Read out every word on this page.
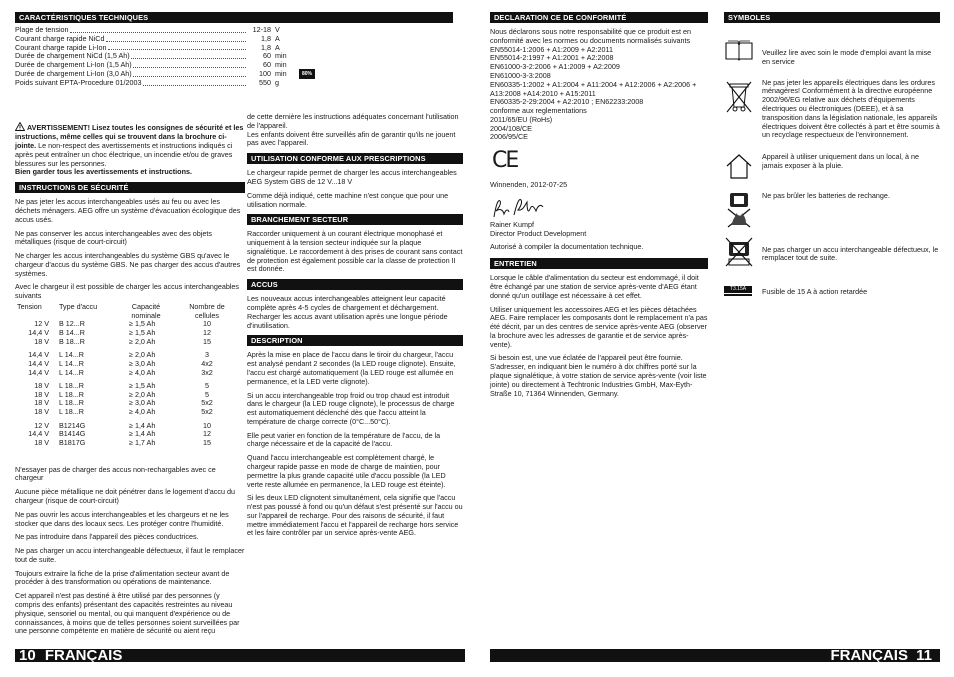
CARACTÉRISTIQUES TECHNIQUES
Plage de tension	12-18 V
Courant charge rapide NiCd	1,8 A
Courant charge rapide Li-Ion	1,8 A
Durée de chargement NiCd (1,5 Ah)	60 min
Durée de chargement Li-Ion (1,5 Ah)	60 min
Durée de chargement Li-Ion (3,0 Ah)	100 min	80%
Poids suivant EPTA-Procedure 01/2003	550 g

AVERTISSEMENT! Lisez toutes les consignes de sécurité et les instructions, même celles qui se trouvent dans la brochure ci-jointe. Le non-respect des avertissements et instructions indiqués ci après peut entraîner un choc électrique, un incendie et/ou de graves blessures sur les personnes.
Bien garder tous les avertissements et instructions.

INSTRUCTIONS DE SÉCURITÉ

Ne pas jeter les accus interchangeables usés au feu ou avec les déchets ménagers. AEG offre un système d'évacuation écologique des accus usés.

Ne pas conserver les accus interchangeables avec des objets métalliques (risque de court-circuit)

Ne charger les accus interchangeables du système GBS qu'avec le chargeur d'accus du système GBS. Ne pas charger des accus d'autres systèmes.

Avec le chargeur il est possible de charger les accus interchangeables suivants

Tension	Type d'accu	Capacité nominale	Nombre de cellules
12 V	B 12...R	≥ 1,5 Ah	10
14,4 V	B 14...R	≥ 1,5 Ah	12
18 V	B 18...R	≥ 2,0 Ah	15
14,4 V	L 14...R	≥ 2,0 Ah	3
14,4 V	L 14...R	≥ 3,0 Ah	4x2
14,4 V	L 14...R	≥ 4,0 Ah	3x2
18 V	L 18...R	≥ 1,5 Ah	5
18 V	L 18...R	≥ 2,0 Ah	5
18 V	L 18...R	≥ 3,0 Ah	5x2
18 V	L 18...R	≥ 4,0 Ah	5x2
12 V	B1214G	≥ 1,4 Ah	10
14,4 V	B1414G	≥ 1,4 Ah	12
18 V	B1817G	≥ 1,7 Ah	15

N'essayer pas de charger des accus non-rechargables avec ce chargeur

Aucune pièce métallique ne doit pénétrer dans le logement d'accu du chargeur (risque de court-circuit)

Ne pas ouvrir les accus interchangeables et les chargeurs et ne les stocker que dans des locaux secs. Les protéger contre l'humidité.

Ne pas introduire dans l'appareil des pièces conductrices.

Ne pas charger un accu interchangeable défectueux, il faut le remplacer tout de suite.

Toujours extraire la fiche de la prise d'alimentation secteur avant de procéder à des transformation ou opérations de maintenance.

Cet appareil n'est pas destiné à être utilisé par des personnes (y compris des enfants) présentant des capacités restreintes au niveau physique, sensoriel ou mental, ou qui manquent d'expérience ou de connaissances, à moins que de telles personnes soient surveillées par une personne compétente en matière de sécurité ou aient reçu

de cette dernière les instructions adéquates concernant l'utilisation de l'appareil.

Les enfants doivent être surveillés afin de garantir qu'ils ne jouent pas avec l'appareil.

UTILISATION CONFORME AUX PRESCRIPTIONS

Le chargeur rapide permet de charger les accus interchangeables AEG System GBS de 12 V...18 V

Comme déjà indiqué, cette machine n'est conçue que pour une utilisation normale.

BRANCHEMENT SECTEUR

Raccorder uniquement à un courant électrique monophasé et uniquement à la tension secteur indiquée sur la plaque signalétique. Le raccordement à des prises de courant sans contact de protection est également possible car la classe de protection II est donnée.

ACCUS

Les nouveaux accus interchangeables atteignent leur capacité complète après 4-5 cycles de chargement et déchargement. Recharger les accus avant utilisation après une longue période d'inutilisation.

DESCRIPTION

Après la mise en place de l'accu dans le tiroir du chargeur, l'accu est analysé pendant 2 secondes (la LED rouge clignote). Ensuite, l'accu est chargé automatiquement (la LED rouge est allumée en permanence, et la LED verte clignote).

Si un accu interchangeable trop froid ou trop chaud est introduit dans le chargeur (la LED rouge clignote), le processus de charge est automatiquement déclenché dès que l'accu atteint la température de charge correcte (0°C...50°C).

Elle peut varier en fonction de la température de l'accu, de la charge nécessaire et de la capacité de l'accu.

Quand l'accu interchangeable est complètement chargé, le chargeur rapide passe en mode de charge de maintien, pour permettre la plus grande capacité utile d'accu possible (la LED verte reste allumée en permanence, la LED rouge est éteinte).

Si les deux LED clignotent simultanément, cela signifie que l'accu n'est pas poussé à fond ou qu'un défaut s'est présenté sur l'accu ou sur l'appareil de recharge. Pour des raisons de sécurité, il faut mettre immédiatement l'accu et l'appareil de recharge hors service et les faire contrôler par un service après-vente AEG.

DECLARATION CE DE CONFORMITÉ

Nous déclarons sous notre responsabilité que ce produit est en conformité avec les normes ou documents normalisés suivants

EN55014-1:2006 + A1:2009 + A2:2011
EN55014-2:1997 + A1:2001 + A2:2008
EN61000-3-2:2006 + A1:2009 + A2:2009
EN61000-3-3:2008
EN60335-1:2002 + A1:2004 + A11:2004 + A12:2006 + A2:2006 + A13:2008 +A14:2010 + A15:2011
EN60335-2-29:2004 + A2:2010 ; EN62233:2008
conforme aux reglementations
2011/65/EU (RoHs)
2004/108/CE
2006/95/CE
CE

Winnenden, 2012-07-25

Rainer Kumpf
Director Product Development

Autorisé à compiler la documentation technique.

ENTRETIEN

Lorsque le câble d'alimentation du secteur est endommagé, il doit être échangé par une station de service après-vente d'AEG étant donné qu'un outillage est nécessaire à cet effet.

Utiliser uniquement les accessoires AEG et les pièces détachées AEG. Faire remplacer les composants dont le remplacement n'a pas été décrit, par un des centres de service après-vente AEG (observer la brochure avec les adresses de garantie et de service après-vente).

Si besoin est, une vue éclatée de l'appareil peut être fournie. S'adresser, en indiquant bien le numéro à dix chiffres porté sur la plaque signalétique, à votre station de service après-vente (voir liste jointe) ou directement à Techtronic Industries GmbH, Max-Eyth-Straße 10, 71364 Winnenden, Germany.

SYMBOLES
Veuillez lire avec soin le mode d'emploi avant la mise en service
Ne pas jeter les appareils électriques dans les ordures ménagères! Conformément à la directive européenne 2002/96/EG relative aux déchets d'équipements électriques ou électroniques (DEEE), et à sa transposition dans la législation nationale, les appareils électriques doivent être collectés à part et être soumis à un recyclage respectueux de l'environnement.
Appareil à utiliser uniquement dans un local, à ne jamais exposer à la pluie.
Ne pas brûler les batteries de rechange.
Ne pas charger un accu interchangeable défectueux, le remplacer tout de suite.
T3.15A	Fusible de 15 A à action retardée
10 FRANÇAIS	FRANÇAIS 11
